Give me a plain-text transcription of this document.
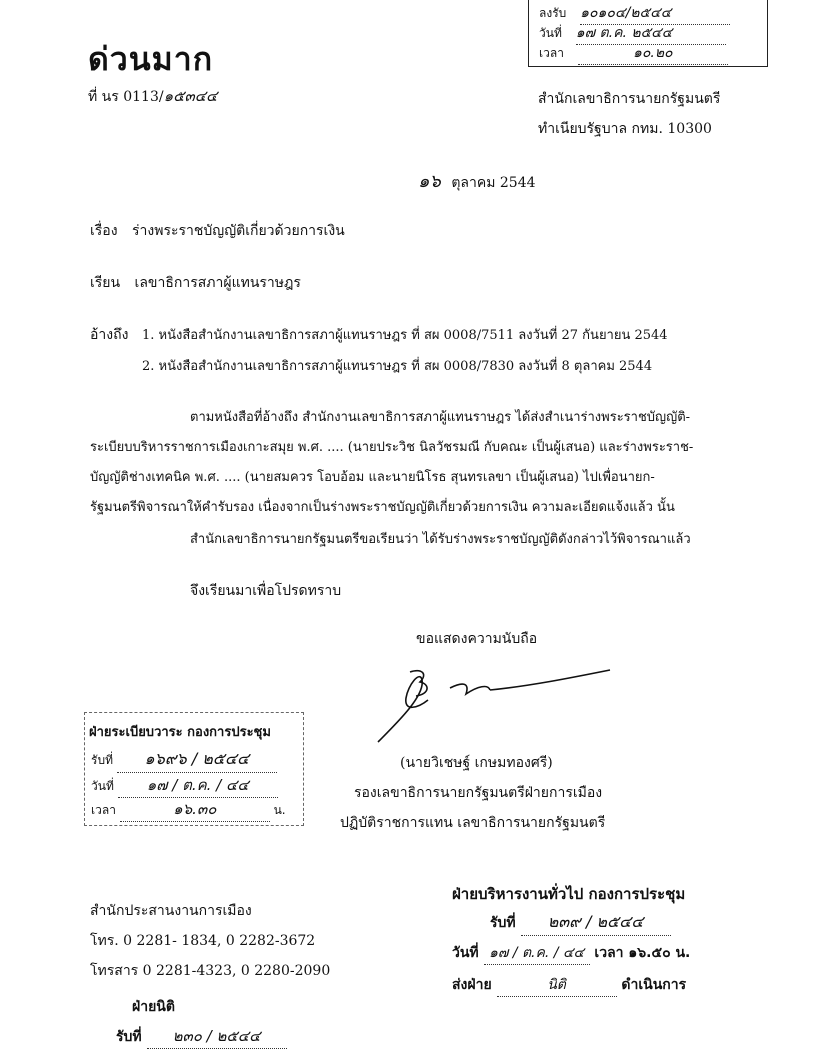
ลงรับ ๑๐๑๐๔/๒๕๔๔
วันที่ ๑๗ ต.ค. ๒๕๔๔
เวลา	๑๐.๒๐
ด่วนมาก
ที่ นร 0113/๑๕๓๔๔	สำนักเลขาธิการนายกรัฐมนตรี
ทำเนียบรัฐบาล กทม. 10300
๑๖ ตุลาคม 2544
เรื่อง ร่างพระราชบัญญัติเกี่ยวด้วยการเงิน
เรียน เลขาธิการสภาผู้แทนราษฎร
อ้างถึง 1. หนังสือสำนักงานเลขาธิการสภาผู้แทนราษฎร ที่ สผ 0008/7511 ลงวันที่ 27 กันยายน 2544
2. หนังสือสำนักงานเลขาธิการสภาผู้แทนราษฎร ที่ สผ 0008/7830 ลงวันที่ 8 ตุลาคม 2544
ตามหนังสือที่อ้างถึง สำนักงานเลขาธิการสภาผู้แทนราษฎร ได้ส่งสำเนาร่างพระราชบัญญัติ-
ระเบียบบริหารราชการเมืองเกาะสมุย พ.ศ. .... (นายประวิช นิลวัชรมณี กับคณะ เป็นผู้เสนอ) และร่างพระราช-
บัญญัติช่างเทคนิค พ.ศ. .... (นายสมควร โอบอ้อม และนายนิโรธ สุนทรเลขา เป็นผู้เสนอ) ไปเพื่อนายก-
รัฐมนตรีพิจารณาให้คำรับรอง เนื่องจากเป็นร่างพระราชบัญญัติเกี่ยวด้วยการเงิน ความละเอียดแจ้งแล้ว นั้น
สำนักเลขาธิการนายกรัฐมนตรีขอเรียนว่า ได้รับร่างพระราชบัญญัติดังกล่าวไว้พิจารณาแล้ว
จึงเรียนมาเพื่อโปรดทราบ
ขอแสดงความนับถือ
(นายวิเชษฐ์ เกษมทองศรี)
รองเลขาธิการนายกรัฐมนตรีฝ่ายการเมือง
ปฏิบัติราชการแทน เลขาธิการนายกรัฐมนตรี
ฝ่ายระเบียบวาระ กองการประชุม
รับที่ ๑๖๙๖ / ๒๕๔๔
วันที่ ๑๗ / ต.ค. / ๔๔
เวลา	๑๖.๓๐	น.
สำนักประสานงานการเมือง
โทร. 0 2281- 1834, 0 2282-3672
โทรสาร 0 2281-4323, 0 2280-2090
ฝ่ายบริหารงานทั่วไป กองการประชุม
รับที่ ๒๓๙ / ๒๕๔๔
วันที่ ๑๗ / ต.ค. / ๔๔ เวลา ๑๖.๕๐ น.
ส่งฝ่าย	นิติ	ดำเนินการ
ฝ่ายนิติ
รับที่ ๒๓๐ / ๒๕๔๔
